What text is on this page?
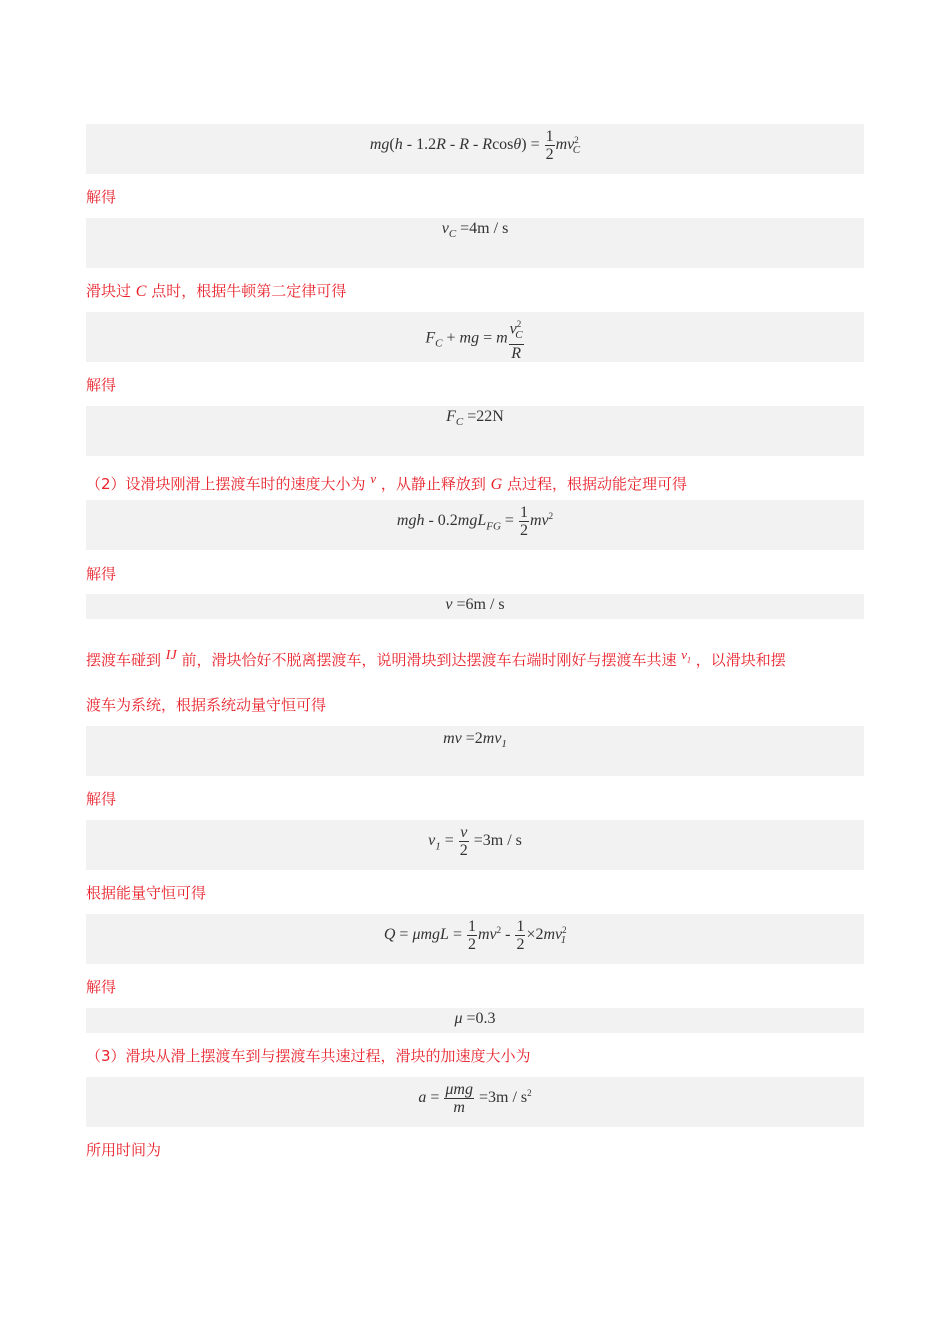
$mg(h - 1.2R - R - Rcos\theta) = \frac{1}{2} mv^2_C$
解得
$v_C =4m / s$
滑块过 C 点时，根据牛顿第二定律可得
$F_C$ + mg = m $\frac{v^2_C}{R}$
解得
$F_C =22N$
（2）设滑块刚滑上摆渡车时的速度大小为 v ，从静止释放到 G 点过程，根据动能定理可得
mgh - $0.2mgL_{FG} = \frac{1}{2} mv^2$
解得
v =6m / s
摆渡车碰到 IJ 前，滑块恰好不脱离摆渡车，说明滑块到达摆渡车右端时刚好与摆渡车共速 $v_1$ ，以滑块和摆
渡车为系统，根据系统动量守恒可得
mv $=2mv_1$
解得
$v_1 = \frac{v}{2} =3m / s$
根据能量守恒可得
$Q = \mu mgL = \frac{1}{2} mv^2 - \frac{1}{2} \times 2mv^2_1$
解得
μ =0.3
（3）滑块从滑上摆渡车到与摆渡车共速过程，滑块的加速度大小为
$a = \frac{\text{μmg}}{m} =3m / s^2$
所用时间为
